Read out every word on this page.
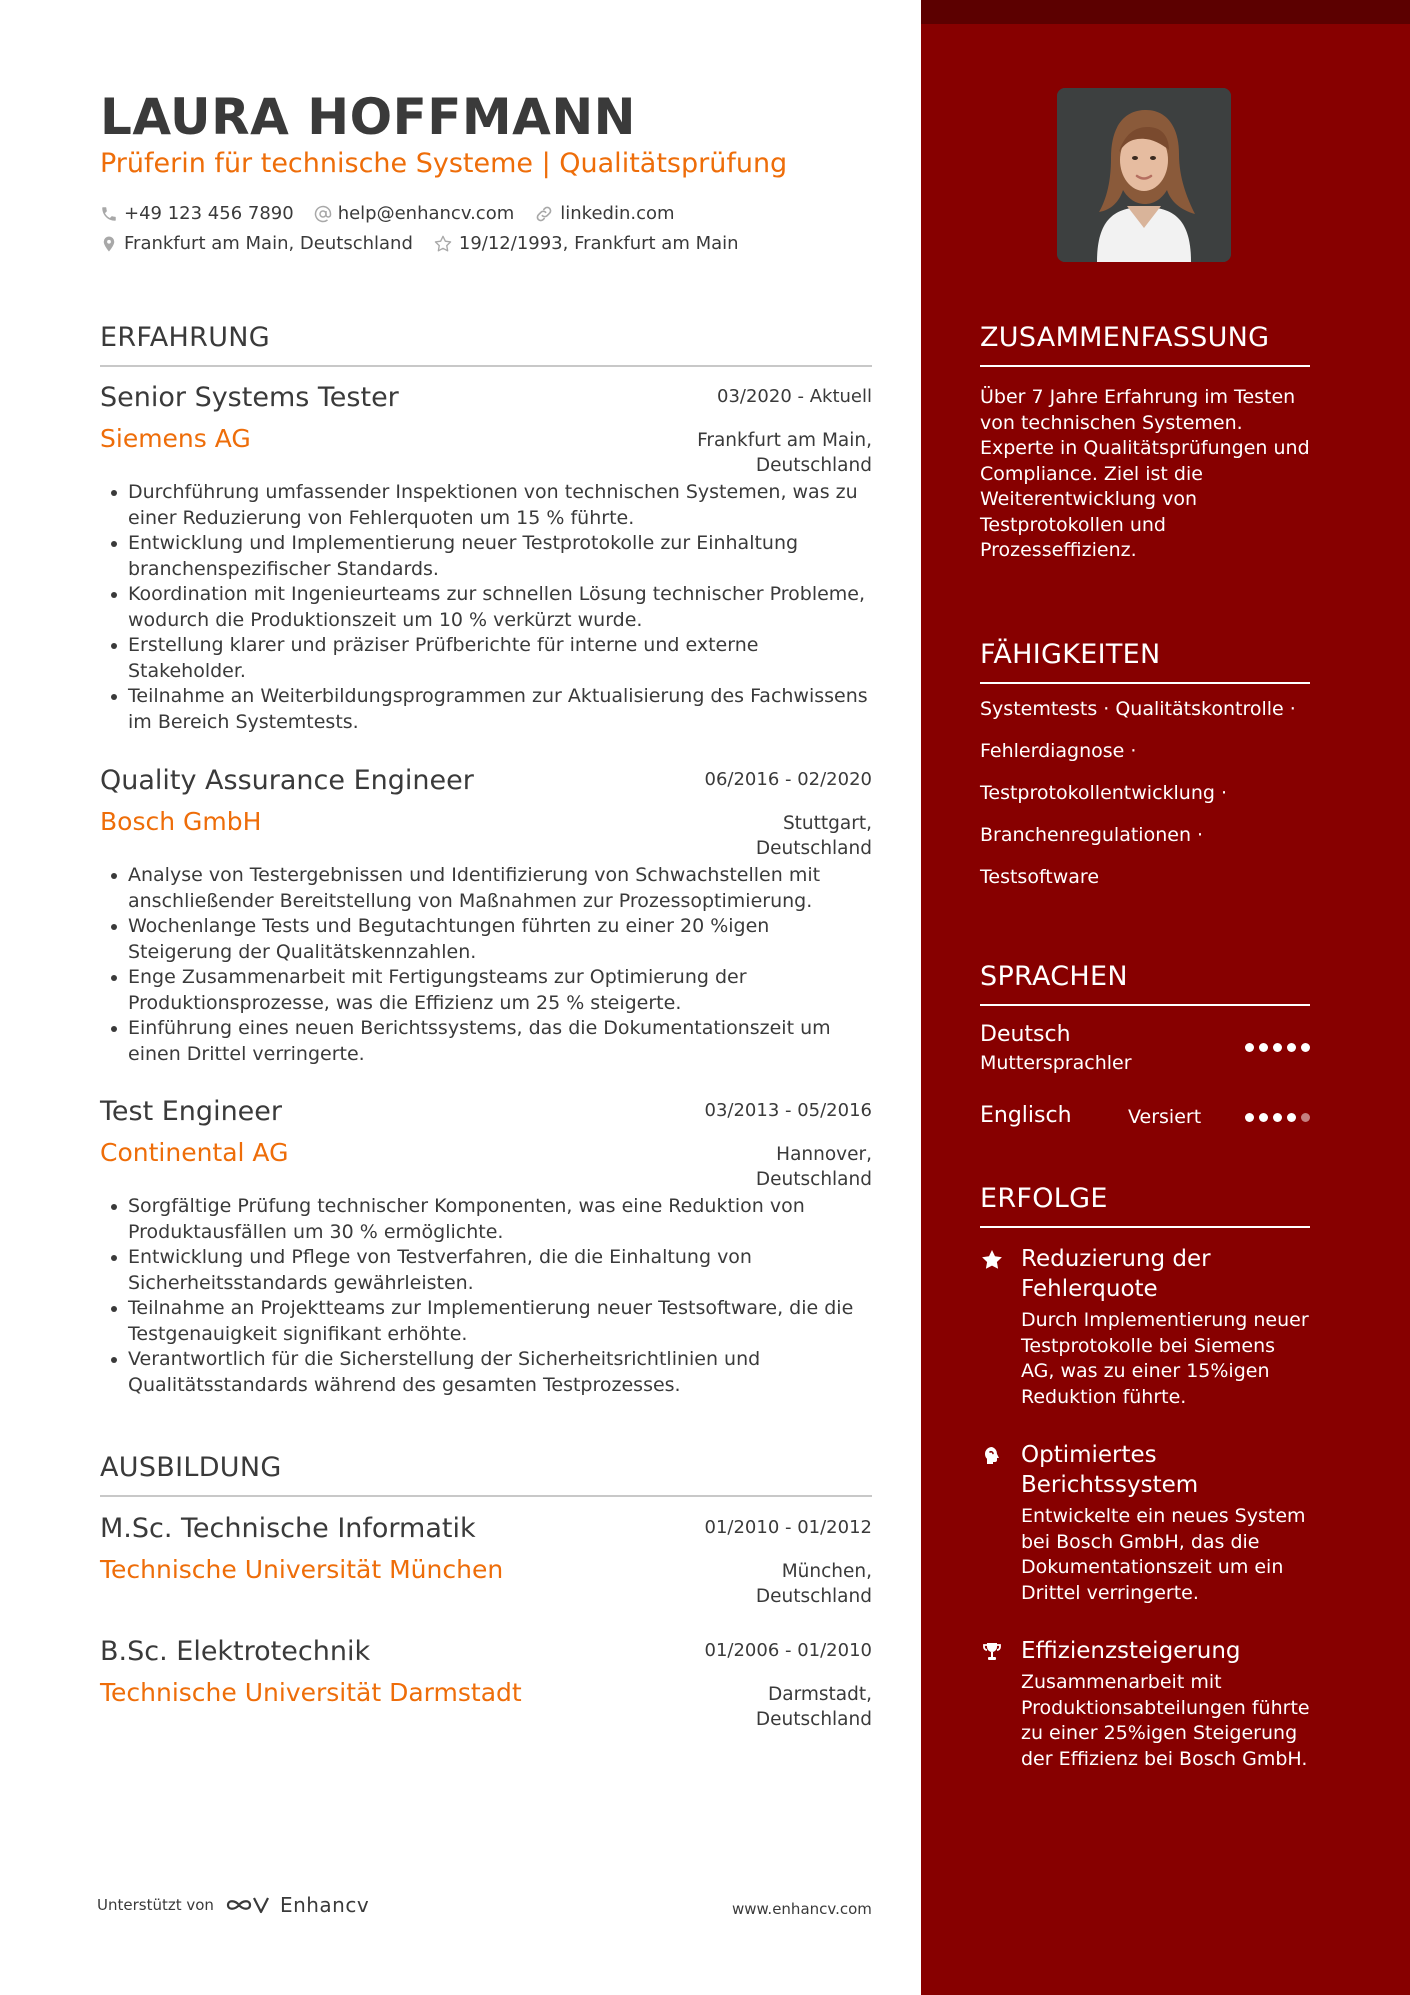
LAURA HOFFMANN
Prüferin für technische Systeme | Qualitätsprüfung
+49 123 456 7890 help@enhancv.com	linkedin.com
Frankfurt am Main, Deutschland	19/12/1993, Frankfurt am Main
ERFAHRUNG
Senior Systems Tester	03/2020 - Aktuell
Siemens AG	Frankfurt am Main,
Deutschland
Durchführung umfassender Inspektionen von technischen Systemen, was zu einer Reduzierung von Fehlerquoten um 15 % führte.
Entwicklung und Implementierung neuer Testprotokolle zur Einhaltung branchenspezifischer Standards.
Koordination mit Ingenieurteams zur schnellen Lösung technischer Probleme, wodurch die Produktionszeit um 10 % verkürzt wurde.
Erstellung klarer und präziser Prüfberichte für interne und externe Stakeholder.
Teilnahme an Weiterbildungsprogrammen zur Aktualisierung des Fachwissens im Bereich Systemtests.
Quality Assurance Engineer	06/2016 - 02/2020
Bosch GmbH	Stuttgart,
Deutschland
Analyse von Testergebnissen und Identifizierung von Schwachstellen mit anschließender Bereitstellung von Maßnahmen zur Prozessoptimierung.
Wochenlange Tests und Begutachtungen führten zu einer 20 %igen Steigerung der Qualitätskennzahlen.
Enge Zusammenarbeit mit Fertigungsteams zur Optimierung der Produktionsprozesse, was die Effizienz um 25 % steigerte.
Einführung eines neuen Berichtssystems, das die Dokumentationszeit um einen Drittel verringerte.
Test Engineer	03/2013 - 05/2016
Continental AG	Hannover,
Deutschland
Sorgfältige Prüfung technischer Komponenten, was eine Reduktion von Produktausfällen um 30 % ermöglichte.
Entwicklung und Pflege von Testverfahren, die die Einhaltung von Sicherheitsstandards gewährleisten.
Teilnahme an Projektteams zur Implementierung neuer Testsoftware, die die Testgenauigkeit signifikant erhöhte.
Verantwortlich für die Sicherstellung der Sicherheitsrichtlinien und Qualitätsstandards während des gesamten Testprozesses.
AUSBILDUNG
M.Sc. Technische Informatik	01/2010 - 01/2012
Technische Universität München	München,
Deutschland
B.Sc. Elektrotechnik	01/2006 - 01/2010
Technische Universität Darmstadt	Darmstadt,
Deutschland
Unterstützt von	Enhancv	www.enhancv.com
ZUSAMMENFASSUNG
Über 7 Jahre Erfahrung im Testen von technischen Systemen. Experte in Qualitätsprüfungen und Compliance. Ziel ist die Weiterentwicklung von Testprotokollen und Prozesseffizienz.
FÄHIGKEITEN
Systemtests · Qualitätskontrolle ·
Fehlerdiagnose ·
Testprotokollentwicklung ·
Branchenregulationen ·
Testsoftware
SPRACHEN
Deutsch
Muttersprachler
Englisch	Versiert
ERFOLGE
Reduzierung der Fehlerquote
Durch Implementierung neuer Testprotokolle bei Siemens AG, was zu einer 15%igen Reduktion führte.
Optimiertes Berichtssystem
Entwickelte ein neues System bei Bosch GmbH, das die Dokumentationszeit um ein Drittel verringerte.
Effizienzsteigerung
Zusammenarbeit mit Produktionsabteilungen führte zu einer 25%igen Steigerung der Effizienz bei Bosch GmbH.
